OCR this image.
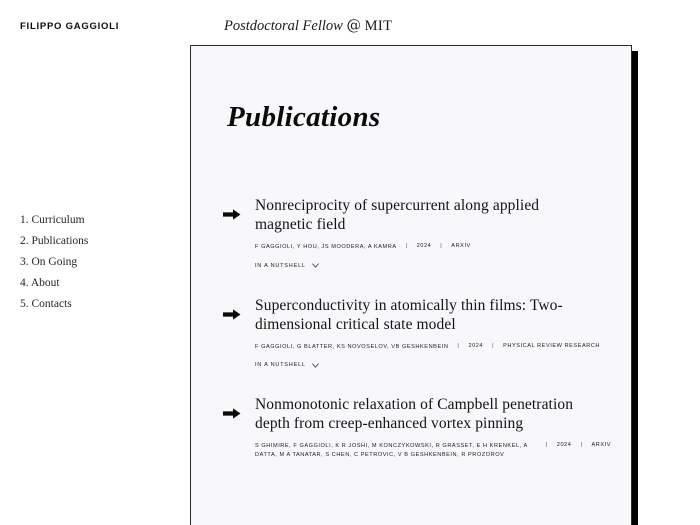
FILIPPO GAGGIOLI	Postdoctoral Fellow @ MIT
1. Curriculum
2. Publications
3. On Going
4. About
5. Contacts
Publications
Nonreciprocity of supercurrent along applied magnetic field
F GAGGIOLI, Y HOU, JS MOODERA, A KAMRA	|	2024	|	ARXIV
IN A NUTSHELL
Superconductivity in atomically thin films: Two-dimensional critical state model
F GAGGIOLI, G BLATTER, KS NOVOSELOV, VB GESHKENBEIN	|	2024	|	PHYSICAL REVIEW RESEARCH
IN A NUTSHELL
Nonmonotonic relaxation of Campbell penetration depth from creep-enhanced vortex pinning
S GHIMIRE, F GAGGIOLI, K R JOSHI, M KONCZYKOWSKI, R GRASSET, E H KRENKEL, A DATTA, M A TANATAR, S CHEN, C PETROVIC, V B GESHKENBEIN, R PROZOROV
|	2024	|	ARXIV
